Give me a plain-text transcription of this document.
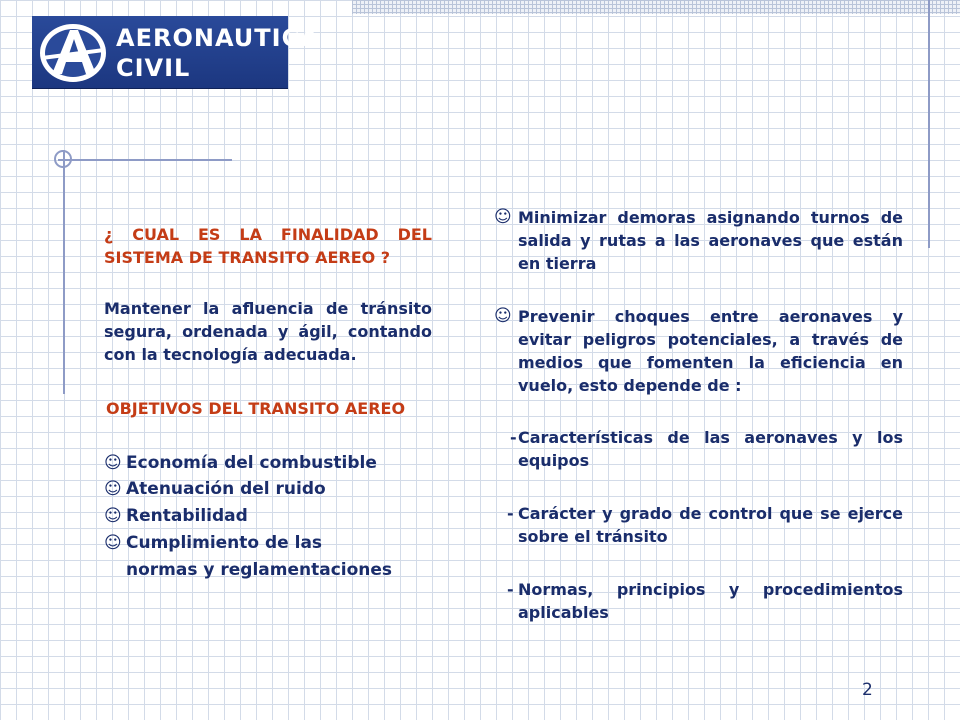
AERONAUTICA
CIVIL
¿ CUAL ES LA FINALIDAD DEL SISTEMA DE TRANSITO AEREO ?
Mantener la afluencia de tránsito segura, ordenada y ágil, contando con la tecnología adecuada.
OBJETIVOS DEL TRANSITO AEREO
☺ Economía del combustible
☺ Atenuación del ruido
☺ Rentabilidad
☺ Cumplimiento de las
normas y reglamentaciones
☺ Minimizar demoras asignando turnos de salida y rutas a las aeronaves que están en tierra
☺ Prevenir choques entre aeronaves y evitar peligros potenciales, a través de medios que fomenten la eficiencia en vuelo, esto depende de :
- Características de las aeronaves y los equipos
- Carácter y grado de control que se ejerce sobre el tránsito
- Normas, principios y procedimientos aplicables
2
